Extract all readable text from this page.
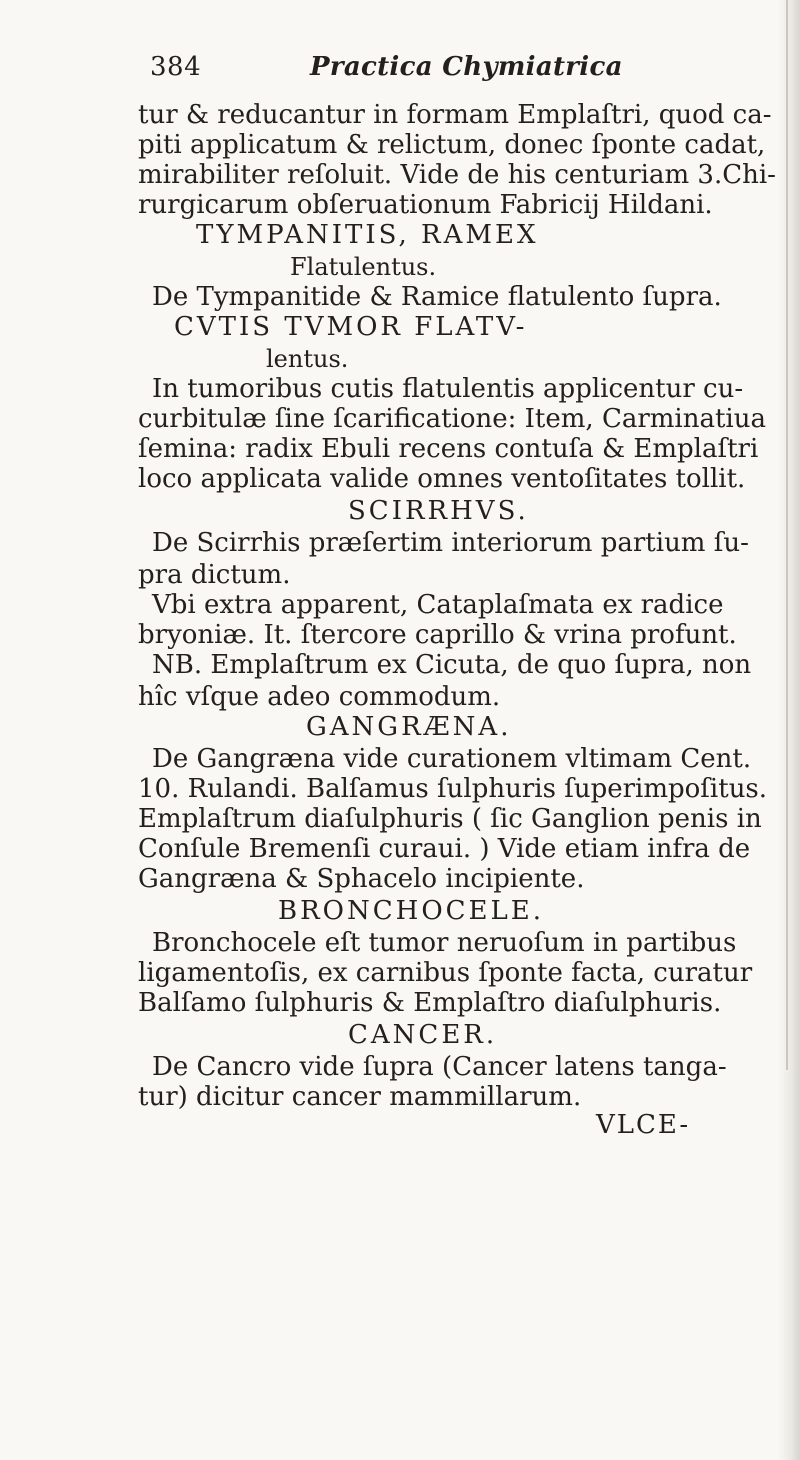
384	Practica Chymiatrica
tur & reducantur in formam Emplaſtri, quod ca-
piti applicatum & relictum, donec ſponte cadat,
mirabiliter reſoluit. Vide de his centuriam 3.Chi-
rurgicarum obſeruationum Fabricij Hildani.
TYMPANITIS, RAMEX
Flatulentus.
De Tympanitide & Ramice flatulento ſupra.
CVTIS TVMOR FLATV-
lentus.
In tumoribus cutis flatulentis applicentur cu-
curbitulæ ſine ſcarificatione: Item, Carminatiua
ſemina: radix Ebuli recens contuſa & Emplaſtri
loco applicata valide omnes ventoſitates tollit.
SCIRRHVS.
De Scirrhis præſertim interiorum partium ſu-
pra dictum.
Vbi extra apparent, Cataplaſmata ex radice
bryoniæ. It. ſtercore caprillo & vrina profunt.
NB. Emplaſtrum ex Cicuta, de quo ſupra, non
hîc vſque adeo commodum.
GANGRÆNA.
De Gangræna vide curationem vltimam Cent.
10. Rulandi. Balſamus ſulphuris ſuperimpoſitus.
Emplaſtrum diaſulphuris ( ſic Ganglion penis in
Conſule Bremenſi curaui. ) Vide etiam infra de
Gangræna & Sphacelo incipiente.
BRONCHOCELE.
Bronchocele eſt tumor neruoſum in partibus
ligamentoſis, ex carnibus ſponte facta, curatur
Balſamo ſulphuris & Emplaſtro diaſulphuris.
CANCER.
De Cancro vide ſupra (Cancer latens tanga-
tur) dicitur cancer mammillarum.
VLCE-
